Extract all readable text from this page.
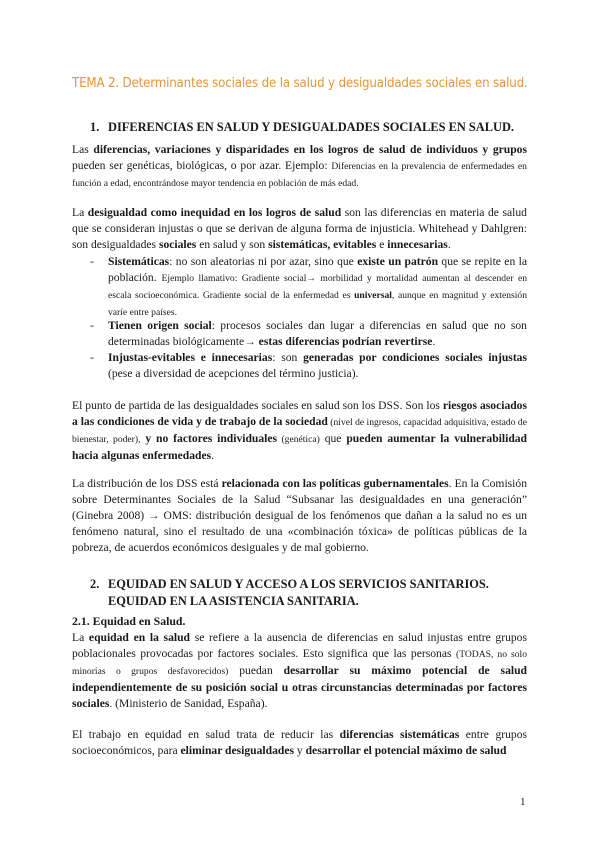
TEMA 2. Determinantes sociales de la salud y desigualdades sociales en salud.
1. DIFERENCIAS EN SALUD Y DESIGUALDADES SOCIALES EN SALUD.
Las diferencias, variaciones y disparidades en los logros de salud de individuos y grupos pueden ser genéticas, biológicas, o por azar. Ejemplo: Diferencias en la prevalencia de enfermedades en función a edad, encontrándose mayor tendencia en población de más edad.
La desigualdad como inequidad en los logros de salud son las diferencias en materia de salud que se consideran injustas o que se derivan de alguna forma de injusticia. Whitehead y Dahlgren: son desigualdades sociales en salud y son sistemáticas, evitables e innecesarias.
- Sistemáticas: no son aleatorias ni por azar, sino que existe un patrón que se repite en la población. Ejemplo llamativo: Gradiente social→ morbilidad y mortalidad aumentan al descender en escala socioeconómica. Gradiente social de la enfermedad es universal, aunque en magnitud y extensión varíe entre países.
- Tienen origen social: procesos sociales dan lugar a diferencias en salud que no son determinadas biológicamente→ estas diferencias podrían revertirse.
- Injustas-evitables e innecesarias: son generadas por condiciones sociales injustas (pese a diversidad de acepciones del término justicia).
El punto de partida de las desigualdades sociales en salud son los DSS. Son los riesgos asociados a las condiciones de vida y de trabajo de la sociedad (nivel de ingresos, capacidad adquisitiva, estado de bienestar, poder), y no factores individuales (genética) que pueden aumentar la vulnerabilidad hacia algunas enfermedades.
La distribución de los DSS está relacionada con las políticas gubernamentales. En la Comisión sobre Determinantes Sociales de la Salud “Subsanar las desigualdades en una generación” (Ginebra 2008) → OMS: distribución desigual de los fenómenos que dañan a la salud no es un fenómeno natural, sino el resultado de una «combinación tóxica» de políticas públicas de la pobreza, de acuerdos económicos desiguales y de mal gobierno.
2. EQUIDAD EN SALUD Y ACCESO A LOS SERVICIOS SANITARIOS.
EQUIDAD EN LA ASISTENCIA SANITARIA.
2.1. Equidad en Salud.
La equidad en la salud se refiere a la ausencia de diferencias en salud injustas entre grupos poblacionales provocadas por factores sociales. Esto significa que las personas (TODAS, no solo minorías o grupos desfavorecidos) puedan desarrollar su máximo potencial de salud independientemente de su posición social u otras circunstancias determinadas por factores sociales. (Ministerio de Sanidad, España).
El trabajo en equidad en salud trata de reducir las diferencias sistemáticas entre grupos socioeconómicos, para eliminar desigualdades y desarrollar el potencial máximo de salud
1
